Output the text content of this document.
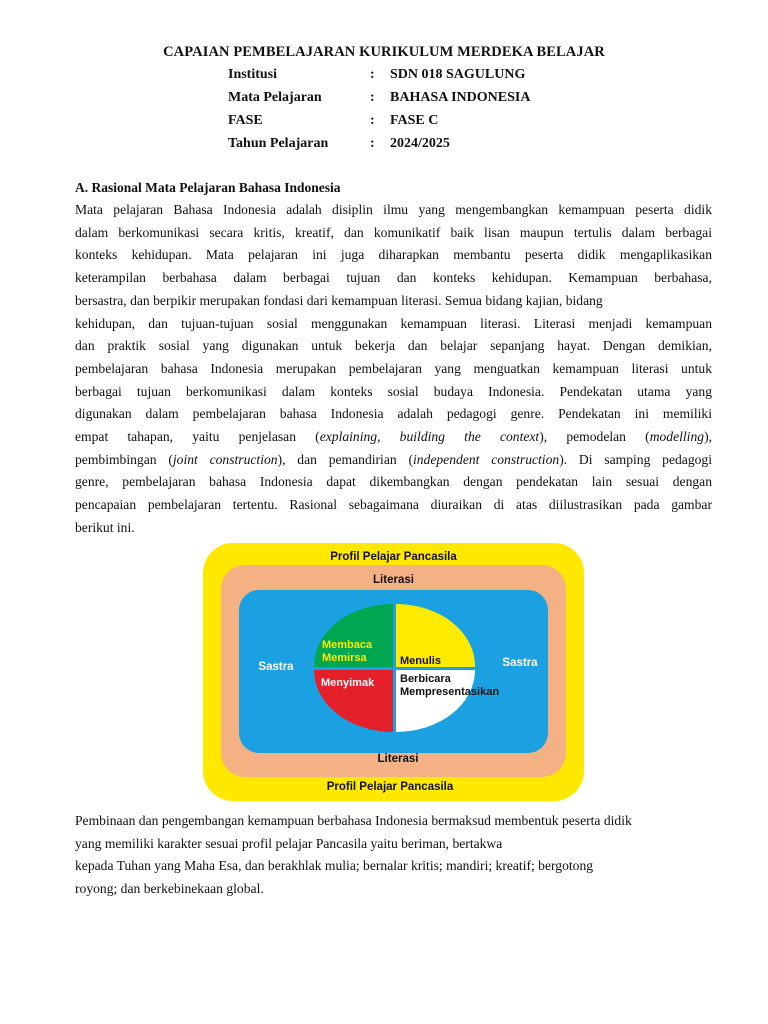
CAPAIAN PEMBELAJARAN KURIKULUM MERDEKA BELAJAR
Institusi	: SDN 018 SAGULUNG
Mata Pelajaran	: BAHASA INDONESIA
FASE	: FASE C
Tahun Pelajaran	: 2024/2025
A. Rasional Mata Pelajaran Bahasa Indonesia
Mata pelajaran Bahasa Indonesia adalah disiplin ilmu yang mengembangkan kemampuan peserta didik
dalam berkomunikasi secara kritis, kreatif, dan komunikatif baik lisan maupun tertulis dalam berbagai
konteks kehidupan. Mata pelajaran ini juga diharapkan membantu peserta didik mengaplikasikan
keterampilan berbahasa dalam berbagai tujuan dan konteks kehidupan. Kemampuan berbahasa,
bersastra, dan berpikir merupakan fondasi dari kemampuan literasi. Semua bidang kajian, bidang
kehidupan, dan tujuan-tujuan sosial menggunakan kemampuan literasi. Literasi menjadi kemampuan
dan praktik sosial yang digunakan untuk bekerja dan belajar sepanjang hayat. Dengan demikian,
pembelajaran bahasa Indonesia merupakan pembelajaran yang menguatkan kemampuan literasi untuk
berbagai tujuan berkomunikasi dalam konteks sosial budaya Indonesia. Pendekatan utama yang
digunakan dalam pembelajaran bahasa Indonesia adalah pedagogi genre. Pendekatan ini memiliki
empat tahapan, yaitu penjelasan (explaining, building the context), pemodelan (modelling),
pembimbingan (joint construction), dan pemandirian (independent construction). Di samping pedagogi
genre, pembelajaran bahasa Indonesia dapat dikembangkan dengan pendekatan lain sesuai dengan
pencapaian pembelajaran tertentu. Rasional sebagaimana diuraikan di atas diilustrasikan pada gambar
berikut ini.
Profil Pelajar Pancasila
Profil Pelajar Pancasila
Literasi
Literasi
Sastra	Sastra
Membaca
Memirsa	Menulis
Menyimak Berbicara
Mempresentasikan
Pembinaan dan pengembangan kemampuan berbahasa Indonesia bermaksud membentuk peserta didik
yang memiliki karakter sesuai profil pelajar Pancasila yaitu beriman, bertakwa
kepada Tuhan yang Maha Esa, dan berakhlak mulia; bernalar kritis; mandiri; kreatif; bergotong
royong; dan berkebinekaan global.
